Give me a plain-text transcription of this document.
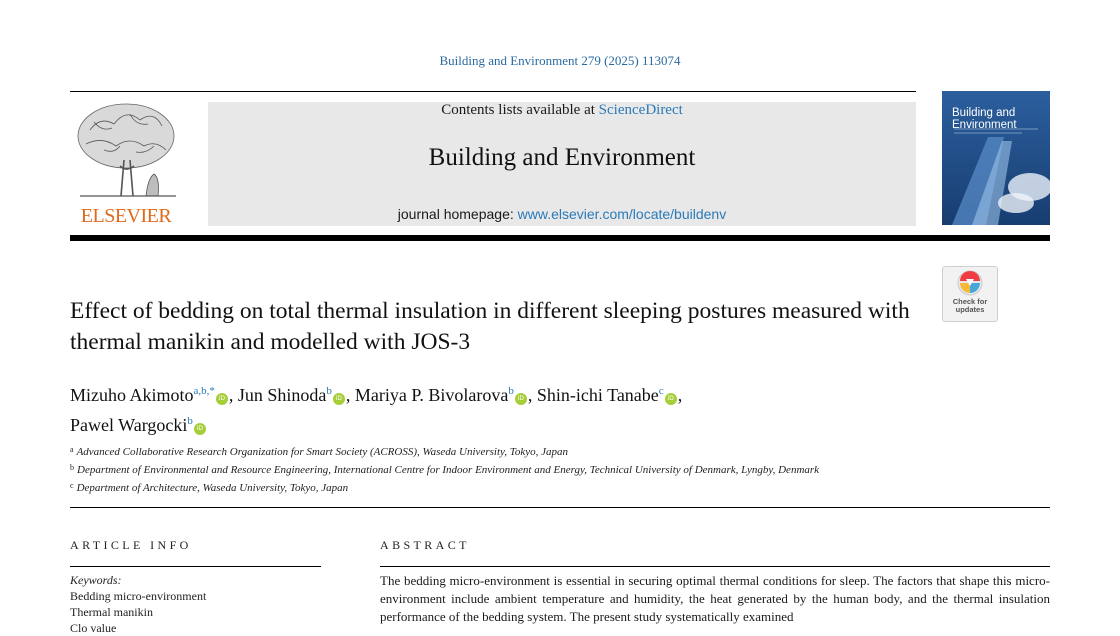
Building and Environment 279 (2025) 113074
ELSEVIER
Contents lists available at ScienceDirect
Building and Environment
journal homepage: www.elsevier.com/locate/buildenv
Building and Environment
Check for updates
Effect of bedding on total thermal insulation in different sleeping postures measured with thermal manikin and modelled with JOS-3
Mizuho Akimoto$^{a,b,*}$iD , Jun Shinoda$^b$iD , Mariya P. Bivolarova$^b$iD , Shin-ichi Tanabe$^c$iD ,
Pawel Wargocki$^b$iD
$^a$ Advanced Collaborative Research Organization for Smart Society (ACROSS), Waseda University, Tokyo, Japan
$^b$ Department of Environmental and Resource Engineering, International Centre for Indoor Environment and Energy, Technical University of Denmark, Lyngby, Denmark
$^c$ Department of Architecture, Waseda University, Tokyo, Japan
ARTICLE INFO	ABSTRACT
Keywords:
Bedding micro-environment
Thermal manikin
Clo value
The bedding micro-environment is essential in securing optimal thermal conditions for sleep. The factors that shape this micro-environment include ambient temperature and humidity, the heat generated by the human body, and the thermal insulation performance of the bedding system. The present study systematically examined
